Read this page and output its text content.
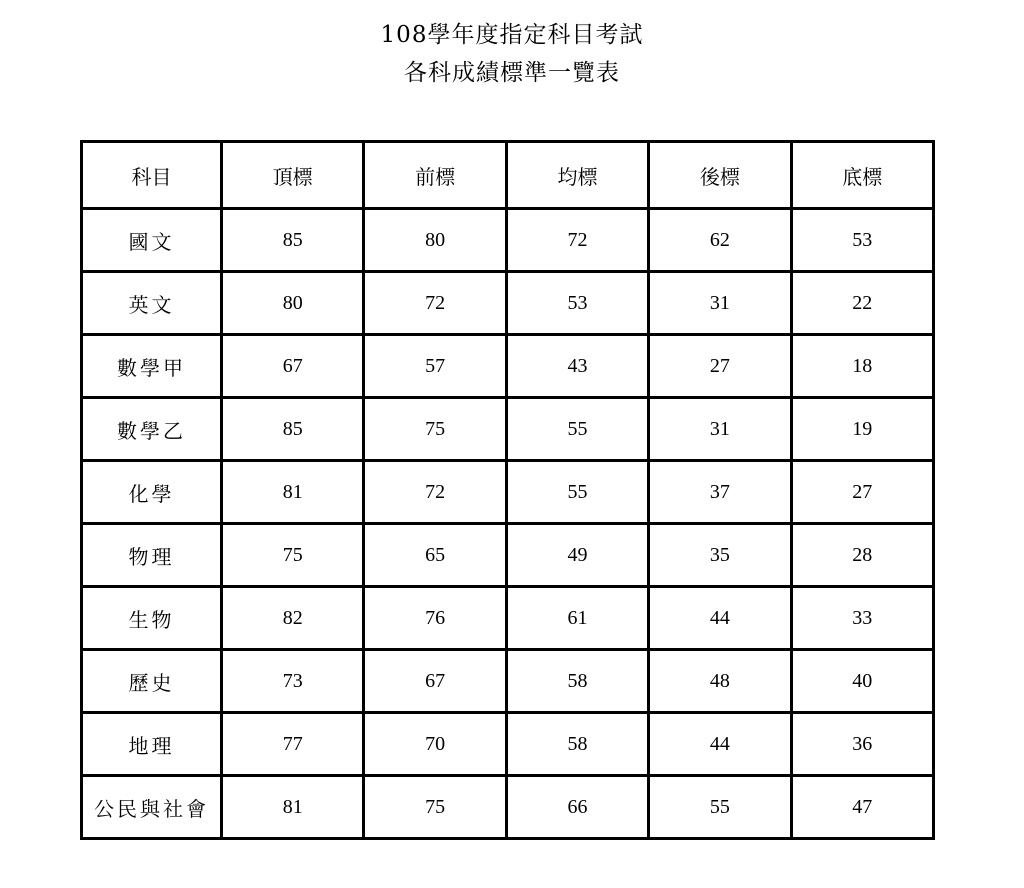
108學年度指定科目考試
各科成績標準一覽表
科目	頂標	前標	均標	後標	底標
國文	85	80	72	62	53
英文	80	72	53	31	22
數學甲	67	57	43	27	18
數學乙	85	75	55	31	19
化學	81	72	55	37	27
物理	75	65	49	35	28
生物	82	76	61	44	33
歷史	73	67	58	48	40
地理	77	70	58	44	36
公民與社會	81	75	66	55	47
